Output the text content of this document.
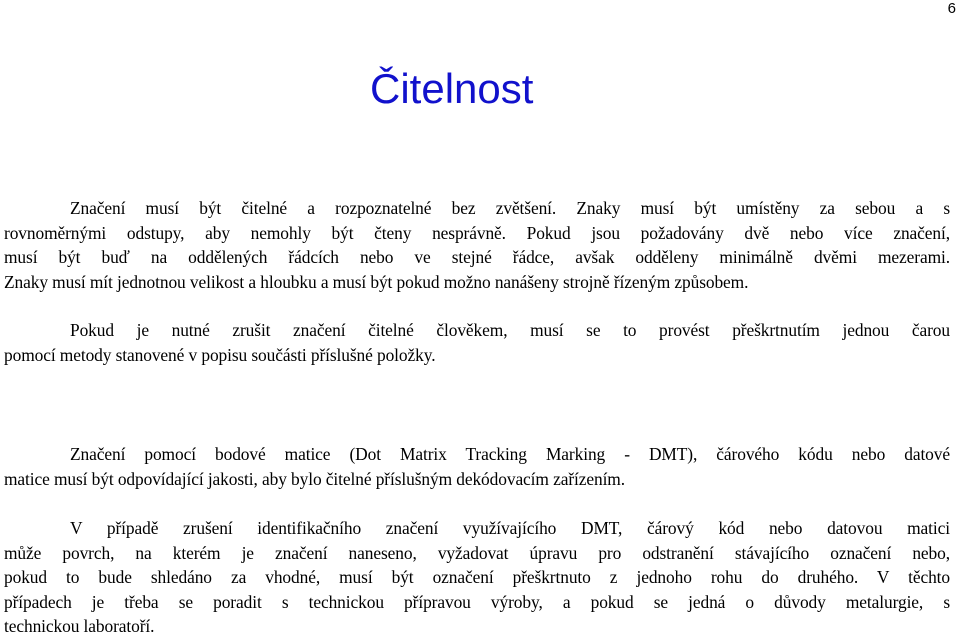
6
Čitelnost
Značení musí být čitelné a rozpoznatelné bez zvětšení. Znaky musí být umístěny za sebou a s
rovnoměrnými odstupy, aby nemohly být čteny nesprávně. Pokud jsou požadovány dvě nebo více značení,
musí být buď na oddělených řádcích nebo ve stejné řádce, avšak odděleny minimálně dvěmi mezerami.
Znaky musí mít jednotnou velikost a hloubku a musí být pokud možno nanášeny strojně řízeným způsobem.
Pokud je nutné zrušit značení čitelné člověkem, musí se to provést přeškrtnutím jednou čarou
pomocí metody stanovené v popisu součásti příslušné položky.
Značení pomocí bodové matice (Dot Matrix Tracking Marking - DMT), čárového kódu nebo datové
matice musí být odpovídající jakosti, aby bylo čitelné příslušným dekódovacím zařízením.
V případě zrušení identifikačního značení využívajícího DMT, čárový kód nebo datovou matici
může povrch, na kterém je značení naneseno, vyžadovat úpravu pro odstranění stávajícího označení nebo,
pokud to bude shledáno za vhodné, musí být označení přeškrtnuto z jednoho rohu do druhého. V těchto
případech je třeba se poradit s technickou přípravou výroby, a pokud se jedná o důvody metalurgie, s
technickou laboratoří.
